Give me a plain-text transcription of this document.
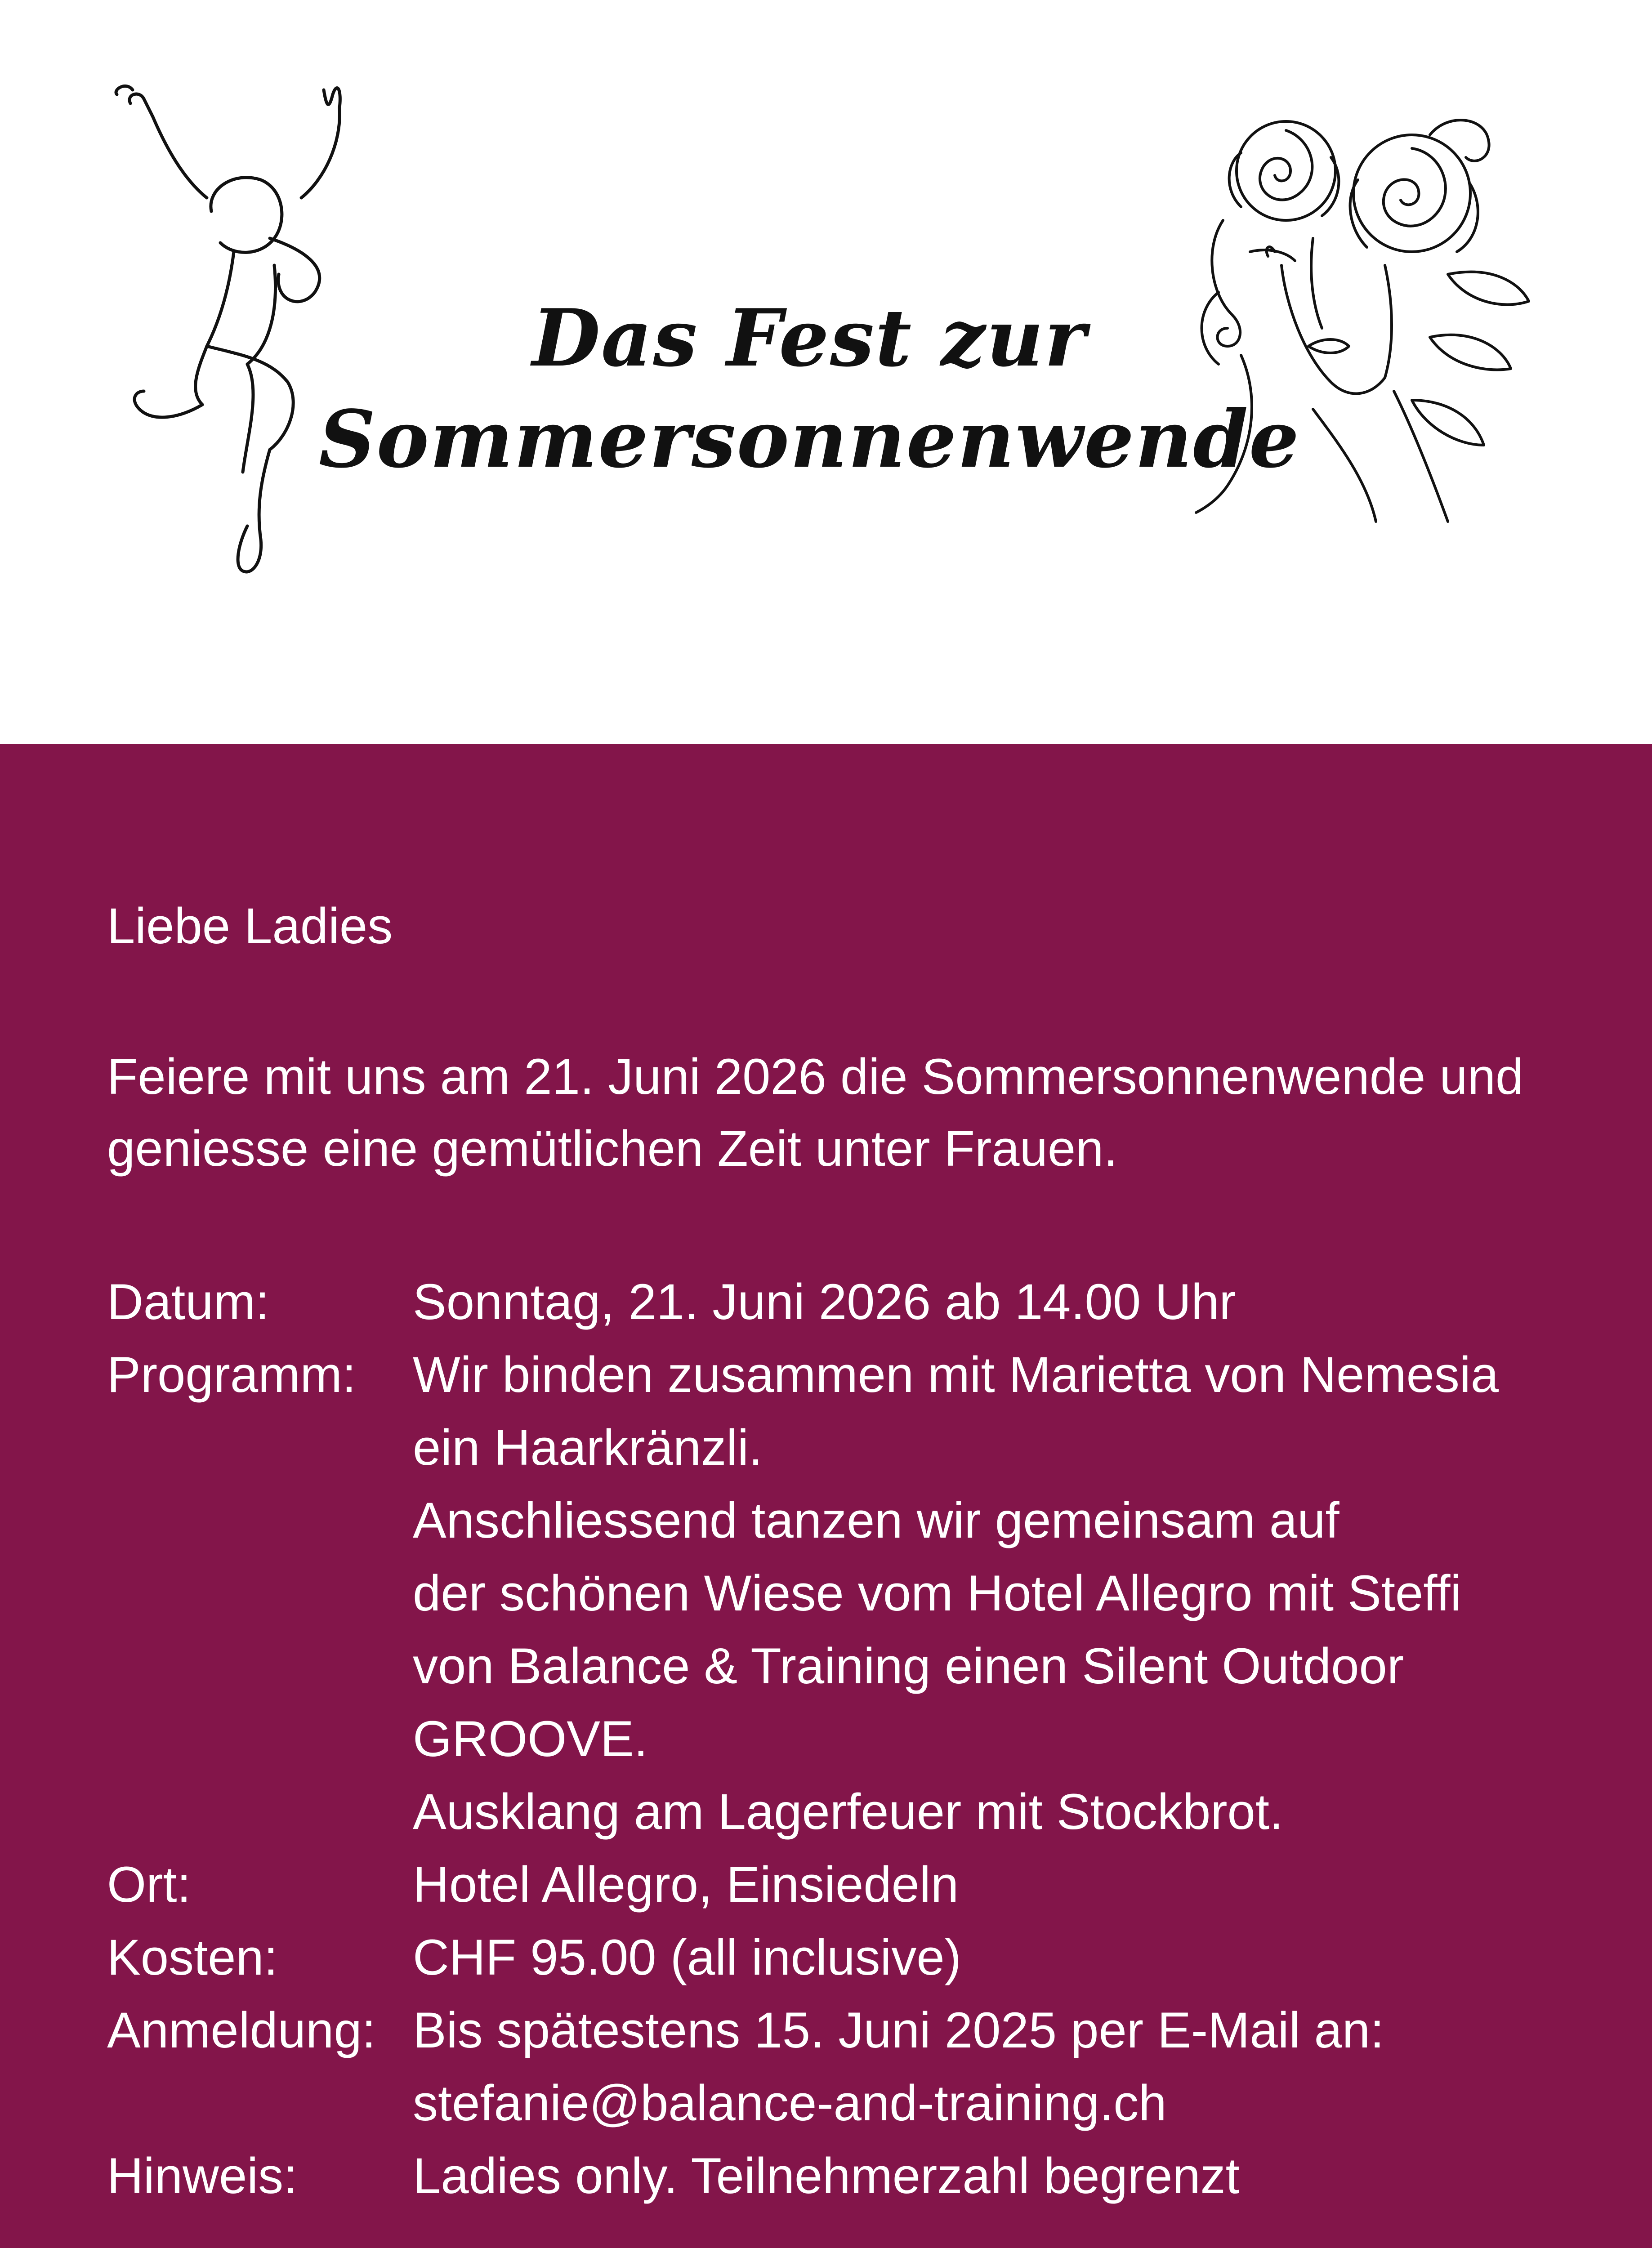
Das Fest zur
Sommersonnenwende
Liebe Ladies
Feiere mit uns am 21. Juni 2026 die Sommersonnenwende und
geniesse eine gemütlichen Zeit unter Frauen.
Datum:	Sonntag, 21. Juni 2026 ab 14.00 Uhr
Programm:	Wir binden zusammen mit Marietta von Nemesia
ein Haarkränzli.
Anschliessend tanzen wir gemeinsam auf
der schönen Wiese vom Hotel Allegro mit Steffi
von Balance & Training einen Silent Outdoor
GROOVE.
Ausklang am Lagerfeuer mit Stockbrot.
Ort:	Hotel Allegro, Einsiedeln
Kosten:	CHF 95.00 (all inclusive)
Anmeldung: Bis spätestens 15. Juni 2025 per E-Mail an:
stefanie@balance-and-training.ch
Hinweis:	Ladies only. Teilnehmerzahl begrenzt
